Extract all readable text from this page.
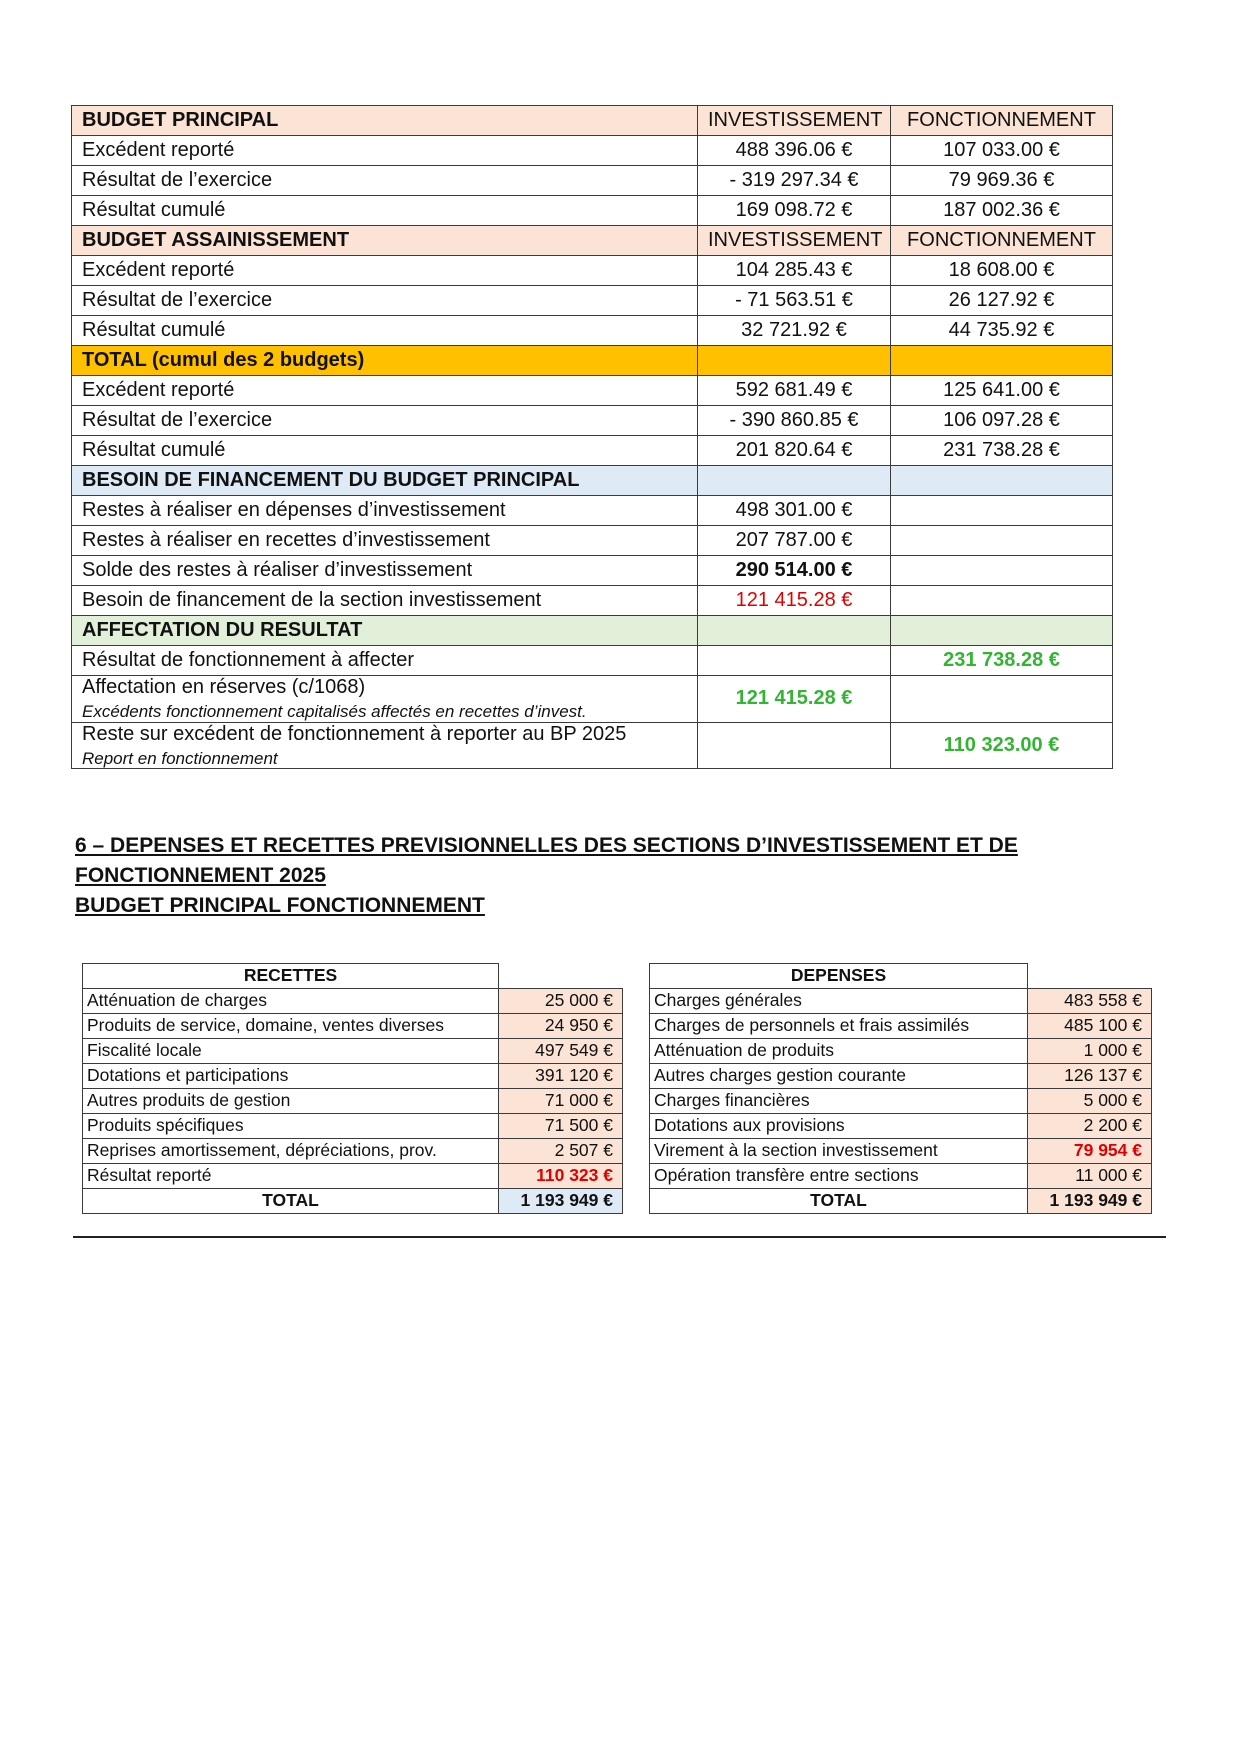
BUDGET PRINCIPAL	INVESTISSEMENT	FONCTIONNEMENT
Excédent reporté	488 396.06 €	107 033.00 €
Résultat de l’exercice	- 319 297.34 €	79 969.36 €
Résultat cumulé	169 098.72 €	187 002.36 €
BUDGET ASSAINISSEMENT	INVESTISSEMENT	FONCTIONNEMENT
Excédent reporté	104 285.43 €	18 608.00 €
Résultat de l’exercice	- 71 563.51 €	26 127.92 €
Résultat cumulé	32 721.92 €	44 735.92 €
TOTAL (cumul des 2 budgets)		
Excédent reporté	592 681.49 €	125 641.00 €
Résultat de l’exercice	- 390 860.85 €	106 097.28 €
Résultat cumulé	201 820.64 €	231 738.28 €
BESOIN DE FINANCEMENT DU BUDGET PRINCIPAL		
Restes à réaliser en dépenses d’investissement	498 301.00 €	
Restes à réaliser en recettes d’investissement	207 787.00 €	
Solde des restes à réaliser d’investissement	290 514.00 €	
Besoin de financement de la section investissement	121 415.28 €	
AFFECTATION DU RESULTAT		
Résultat de fonctionnement à affecter		231 738.28 €
Affectation en réserves (c/1068)
Excédents fonctionnement capitalisés affectés en recettes d’invest.	121 415.28 €	
Reste sur excédent de fonctionnement à reporter au BP 2025
Report en fonctionnement		110 323.00 €
6 – DEPENSES ET RECETTES PREVISIONNELLES DES SECTIONS D’INVESTISSEMENT ET DE
FONCTIONNEMENT 2025
BUDGET PRINCIPAL FONCTIONNEMENT
RECETTES	
Atténuation de charges	25 000 €
Produits de service, domaine, ventes diverses	24 950 €
Fiscalité locale	497 549 €
Dotations et participations	391 120 €
Autres produits de gestion	71 000 €
Produits spécifiques	71 500 €
Reprises amortissement, dépréciations, prov.	2 507 €
Résultat reporté	110 323 €
TOTAL	1 193 949 €
DEPENSES	
Charges générales	483 558 €
Charges de personnels et frais assimilés	485 100 €
Atténuation de produits	1 000 €
Autres charges gestion courante	126 137 €
Charges financières	5 000 €
Dotations aux provisions	2 200 €
Virement à la section investissement	79 954 €
Opération transfère entre sections	11 000 €
TOTAL	1 193 949 €
